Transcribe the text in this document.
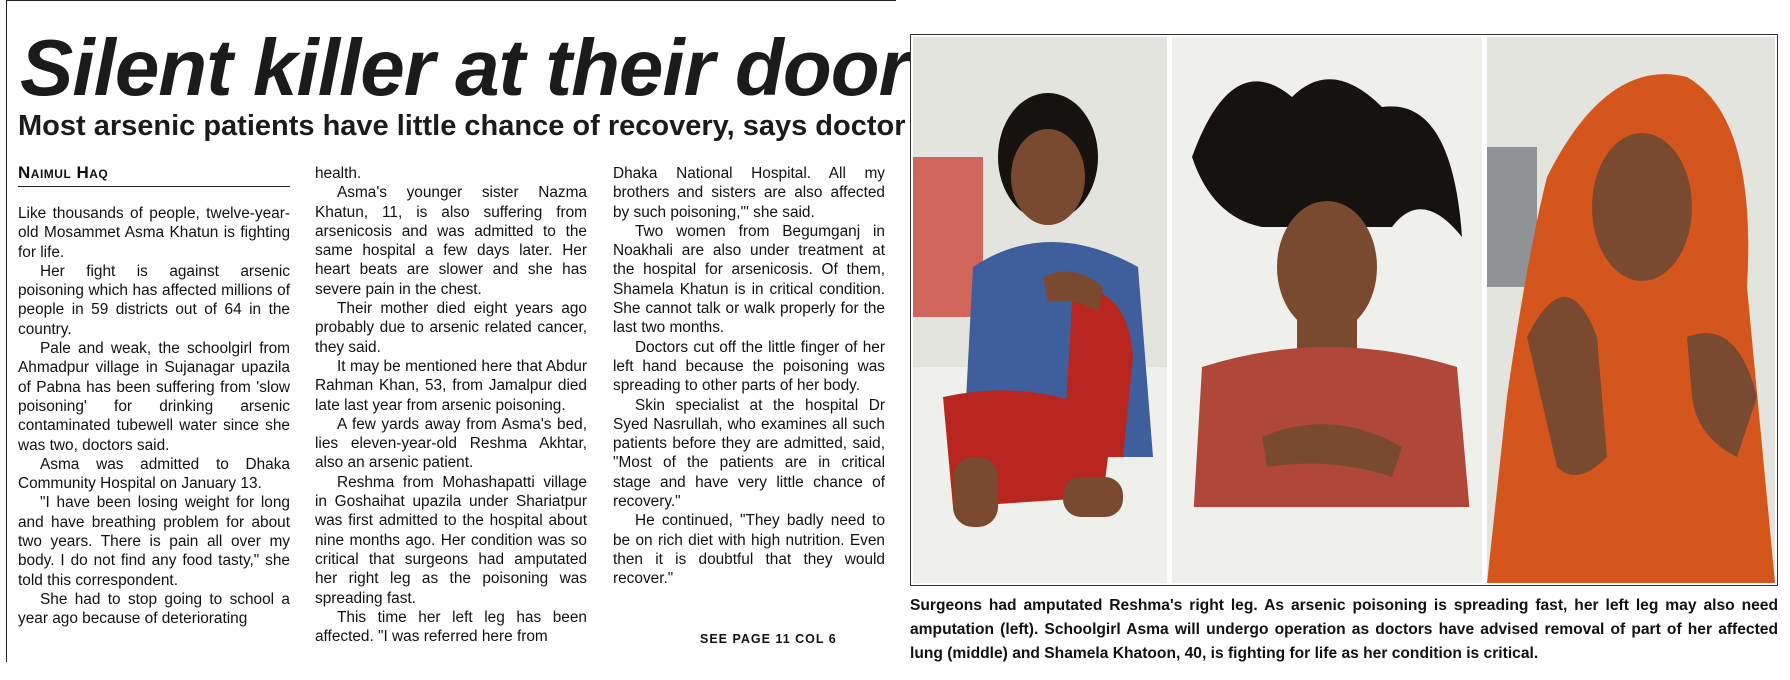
Silent killer at their door
Most arsenic patients have little chance of recovery, says doctor
Naimul Haq

Like thousands of people, twelve-year-old Mosammet Asma Khatun is fighting for life.

Her fight is against arsenic poisoning which has affected millions of people in 59 districts out of 64 in the country.

Pale and weak, the schoolgirl from Ahmadpur village in Sujanagar upazila of Pabna has been suffering from 'slow poisoning' for drinking arsenic contaminated tubewell water since she was two, doctors said.

Asma was admitted to Dhaka Community Hospital on January 13.

"I have been losing weight for long and have breathing problem for about two years. There is pain all over my body. I do not find any food tasty," she told this correspondent.

She had to stop going to school a year ago because of deteriorating

health.

Asma's younger sister Nazma Khatun, 11, is also suffering from arsenicosis and was admitted to the same hospital a few days later. Her heart beats are slower and she has severe pain in the chest.

Their mother died eight years ago probably due to arsenic related cancer, they said.

It may be mentioned here that Abdur Rahman Khan, 53, from Jamalpur died late last year from arsenic poisoning.

A few yards away from Asma's bed, lies eleven-year-old Reshma Akhtar, also an arsenic patient.

Reshma from Mohashapatti village in Goshaihat upazila under Shariatpur was first admitted to the hospital about nine months ago. Her condition was so critical that surgeons had amputated her right leg as the poisoning was spreading fast.

This time her left leg has been affected. "I was referred here from

Dhaka National Hospital. All my brothers and sisters are also affected by such poisoning,'" she said.

Two women from Begumganj in Noakhali are also under treatment at the hospital for arsenicosis. Of them, Shamela Khatun is in critical condition. She cannot talk or walk properly for the last two months.

Doctors cut off the little finger of her left hand because the poisoning was spreading to other parts of her body.

Skin specialist at the hospital Dr Syed Nasrullah, who examines all such patients before they are admitted, said, "Most of the patients are in critical stage and have very little chance of recovery."

He continued, "They badly need to be on rich diet with high nutrition. Even then it is doubtful that they would recover."

SEE PAGE 11 COL 6
Surgeons had amputated Reshma's right leg. As arsenic poisoning is spreading fast, her left leg may also need amputation (left). Schoolgirl Asma will undergo operation as doctors have advised removal of part of her affected lung (middle) and Shamela Khatoon, 40, is fighting for life as her condition is critical.
